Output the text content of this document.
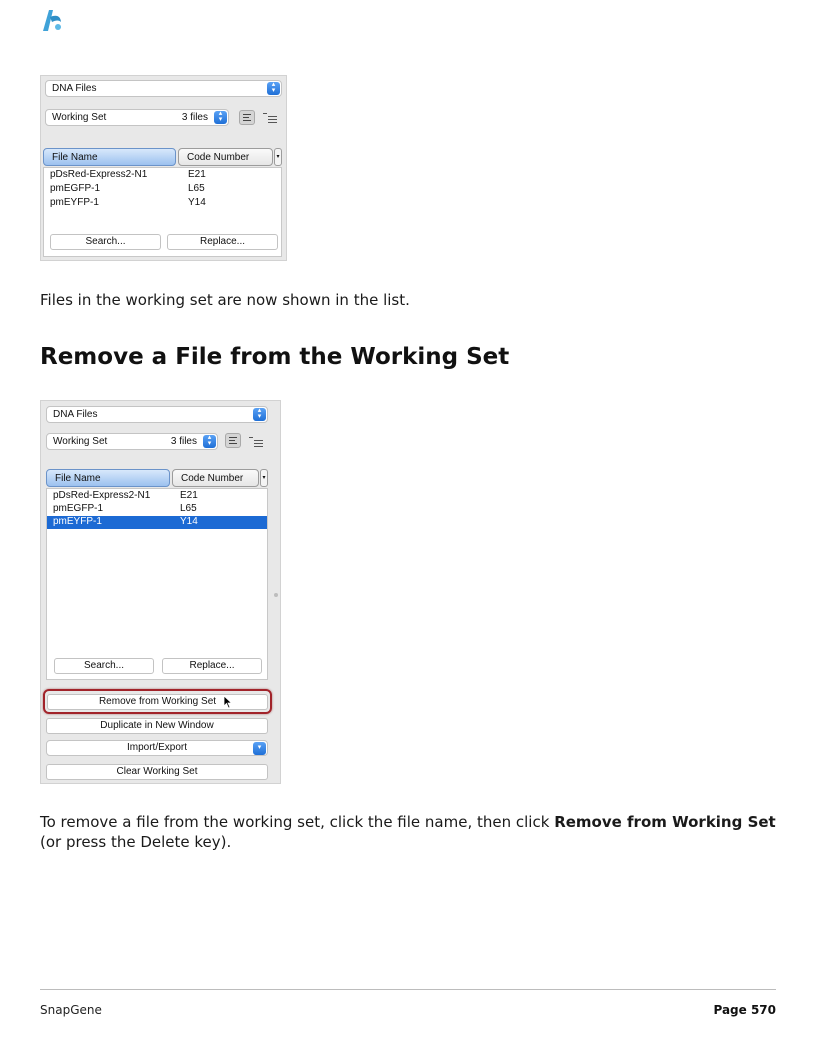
DNA Files	▴
▾
Working Set	3 files	▴
▾
File Name	Code Number	▾
pDsRed-Express2-N1	E21
pmEGFP-1	L65
pmEYFP-1	Y14
Search...	Replace...

Files in the working set are now shown in the list.

Remove a File from the Working Set
DNA Files	▴
▾
Working Set	3 files	▴
▾
File Name	Code Number	▾
pDsRed-Express2-N1	E21
pmEGFP-1	L65
pmEYFP-1	Y14
Search...	Replace...
Remove from Working Set
Duplicate in New Window
Import/Export	▾
Clear Working Set

To remove a file from the working set, click the file name, then click Remove from Working Set (or press the Delete key).

SnapGene	Page 570
